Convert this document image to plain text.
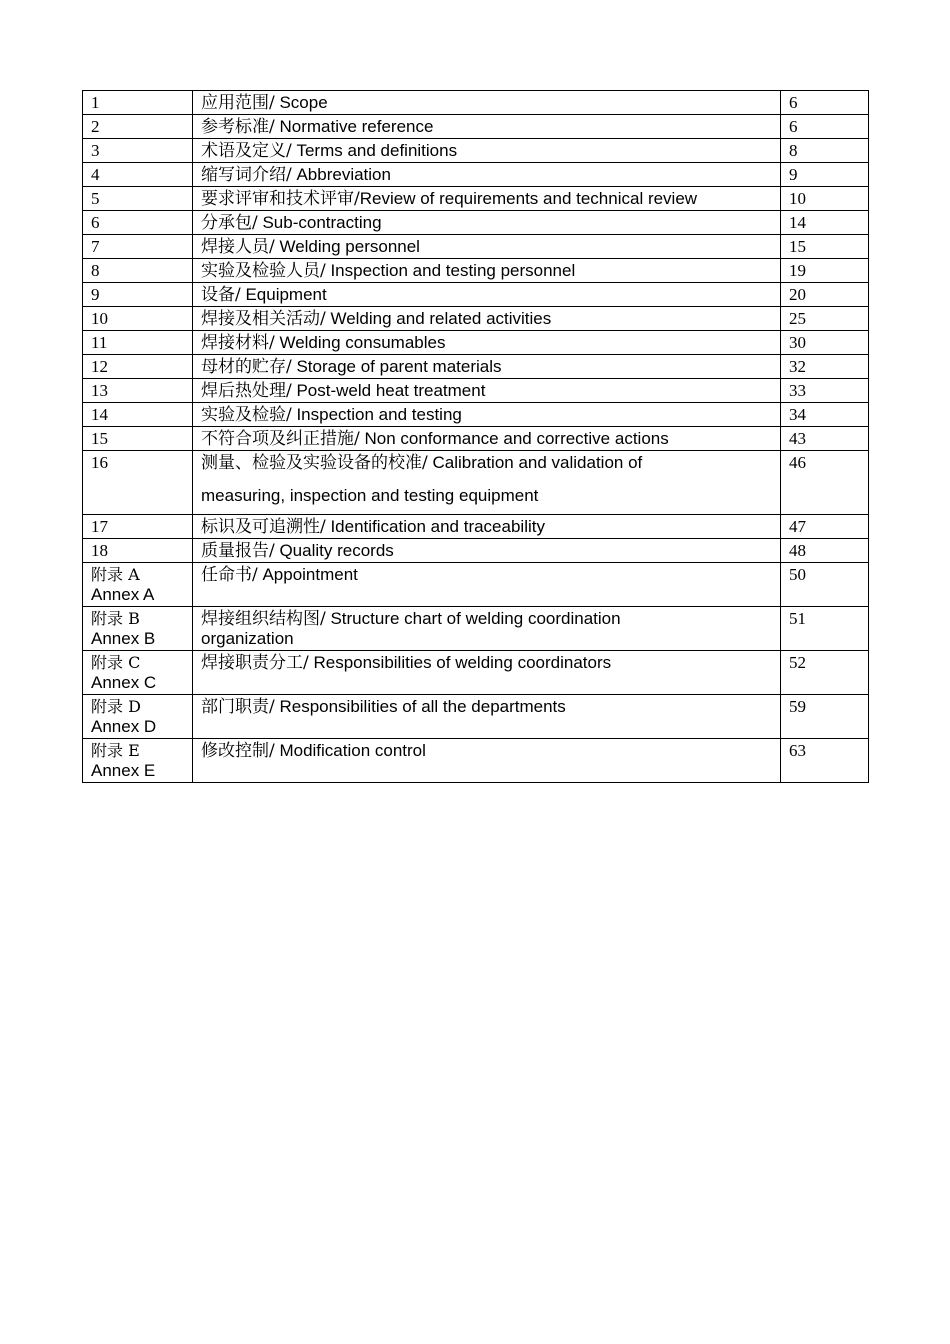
1	应用范围/ Scope	6
2	参考标准/ Normative reference	6
3	术语及定义/ Terms and definitions	8
4	缩写词介绍/ Abbreviation	9
5	要求评审和技术评审/Review of requirements and technical review	10
6	分承包/ Sub-contracting	14
7	焊接人员/ Welding personnel	15
8	实验及检验人员/ Inspection and testing personnel	19
9	设备/ Equipment	20
10	焊接及相关活动/ Welding and related activities	25
11	焊接材料/ Welding consumables	30
12	母材的贮存/ Storage of parent materials	32
13	焊后热处理/ Post-weld heat treatment	33
14	实验及检验/ Inspection and testing	34
15	不符合项及纠正措施/ Non conformance and corrective actions	43
16	测量、检验及实验设备的校准/ Calibration and validation of
measuring, inspection and testing equipment	46
17	标识及可追溯性/ Identification and traceability	47
18	质量报告/ Quality records	48

附录 A
Annex A	任命书/ Appointment	50

附录 B
Annex B	焊接组织结构图/ Structure chart of welding coordination
organization	51

附录 C
Annex C	焊接职责分工/ Responsibilities of welding coordinators	52

附录 D
Annex D	部门职责/ Responsibilities of all the departments	59

附录 E
Annex E	修改控制/ Modification control	63
